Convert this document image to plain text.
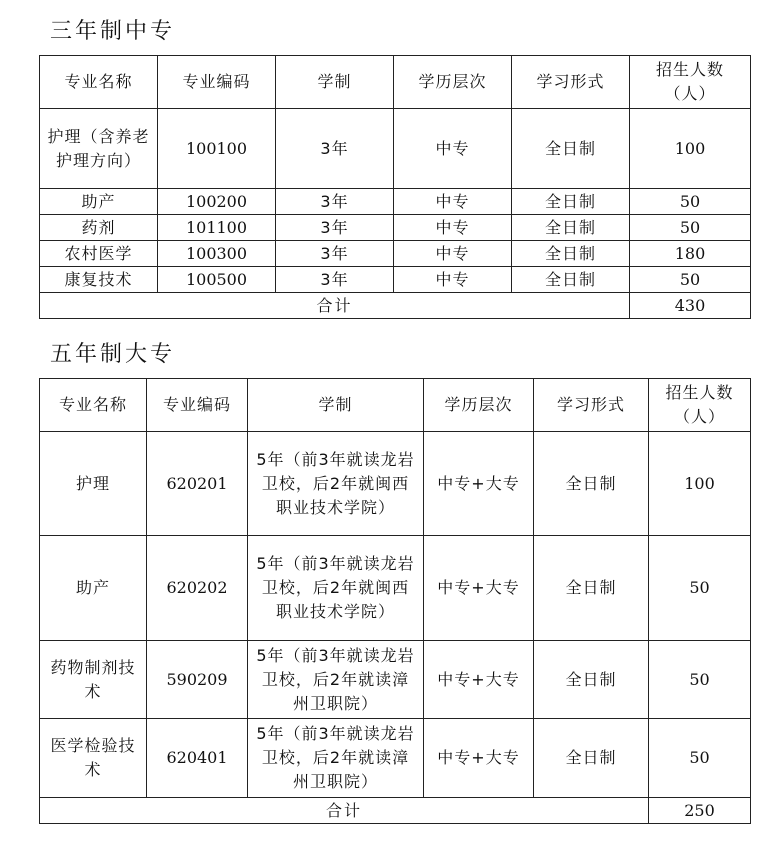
三年制中专
专业名称	专业编码	学制	学历层次	学习形式	招生人数（人）
护理（含养老护理方向）	100100	3年	中专	全日制	100
助产	100200	3年	中专	全日制	50
药剂	101100	3年	中专	全日制	50
农村医学	100300	3年	中专	全日制	180
康复技术	100500	3年	中专	全日制	50
合计					430
五年制大专
专业名称	专业编码	学制	学历层次	学习形式	招生人数（人）
护理	620201	5年（前3年就读龙岩卫校，后2年就闽西职业技术学院）	中专+大专	全日制	100
助产	620202	5年（前3年就读龙岩卫校，后2年就闽西职业技术学院）	中专+大专	全日制	50
药物制剂技术	590209	5年（前3年就读龙岩卫校，后2年就读漳州卫职院）	中专+大专	全日制	50
医学检验技术	620401	5年（前3年就读龙岩卫校，后2年就读漳州卫职院）	中专+大专	全日制	50
合计					250
